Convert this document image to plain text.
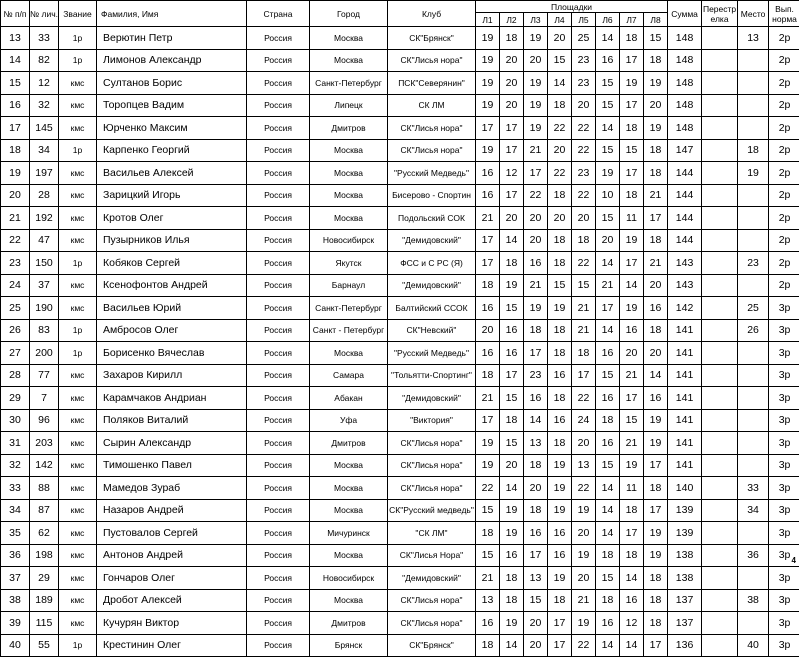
№ п/п	№ лич.	Звание	Фамилия, Имя	Страна	Город	Клуб	Площадки								Сумма	Перестрелка	Место	Вып. норма
							Л1	Л2	Л3	Л4	Л5	Л6	Л7	Л8				
13	33	1р	Верютин Петр	Россия	Москва	СК"Брянск"	19	18	19	20	25	14	18	15	148		13	2р
14	82	1р	Лимонов Александр	Россия	Москва	СК"Лисья нора"	19	20	20	15	23	16	17	18	148			2р
15	12	кмс	Султанов Борис	Россия	Санкт-Петербург	ПСК"Северянин"	19	20	19	14	23	15	19	19	148			2р
16	32	кмс	Торопцев Вадим	Россия	Липецк	СК ЛМ	19	20	19	18	20	15	17	20	148			2р
17	145	кмс	Юрченко Максим	Россия	Дмитров	СК"Лисья нора"	17	17	19	22	22	14	18	19	148			2р
18	34	1р	Карпенко Георгий	Россия	Москва	СК"Лисья нора"	19	17	21	20	22	15	15	18	147		18	2р
19	197	кмс	Васильев Алексей	Россия	Москва	"Русский Медведь"	16	12	17	22	23	19	17	18	144		19	2р
20	28	кмс	Зарицкий Игорь	Россия	Москва	Бисерово - Спортин	16	17	22	18	22	10	18	21	144			2р
21	192	кмс	Кротов Олег	Россия	Москва	Подольский СОК	21	20	20	20	20	15	11	17	144			2р
22	47	кмс	Пузырников Илья	Россия	Новосибирск	"Демидовский"	17	14	20	18	18	20	19	18	144			2р
23	150	1р	Кобяков Сергей	Россия	Якутск	ФСС и С РС (Я)	17	18	16	18	22	14	17	21	143		23	2р
24	37	кмс	Ксенофонтов Андрей	Россия	Барнаул	"Демидовский"	18	19	21	15	15	21	14	20	143			2р
25	190	кмс	Васильев Юрий	Россия	Санкт-Петербург	Балтийский ССОК	16	15	19	19	21	17	19	16	142		25	3р
26	83	1р	Амбросов Олег	Россия	Санкт - Петербург	СК"Невский"	20	16	18	18	21	14	16	18	141		26	3р
27	200	1р	Борисенко Вячеслав	Россия	Москва	"Русский Медведь"	16	16	17	18	18	16	20	20	141			3р
28	77	кмс	Захаров Кирилл	Россия	Самара	"Тольятти-Спортинг"	18	17	23	16	17	15	21	14	141			3р
29	7	кмс	Карамчаков Андриан	Россия	Абакан	"Демидовский"	21	15	16	18	22	16	17	16	141			3р
30	96	кмс	Поляков Виталий	Россия	Уфа	"Виктория"	17	18	14	16	24	18	15	19	141			3р
31	203	кмс	Сырин Александр	Россия	Дмитров	СК"Лисья нора"	19	15	13	18	20	16	21	19	141			3р
32	142	кмс	Тимошенко Павел	Россия	Москва	СК"Лисья нора"	19	20	18	19	13	15	19	17	141			3р
33	88	кмс	Мамедов Зураб	Россия	Москва	СК"Лисья нора"	22	14	20	19	22	14	11	18	140		33	3р
34	87	кмс	Назаров Андрей	Россия	Москва	СК"Русский медведь"	15	19	18	19	19	14	18	17	139		34	3р
35	62	кмс	Пустовалов Сергей	Россия	Мичуринск	"СК ЛМ"	18	19	16	16	20	14	17	19	139			3р
36	198	кмс	Антонов Андрей	Россия	Москва	СК"Лисья Нора"	15	16	17	16	19	18	18	19	138		36	3р
37	29	кмс	Гончаров Олег	Россия	Новосибирск	"Демидовский"	21	18	13	19	20	15	14	18	138			3р
38	189	кмс	Дробот Алексей	Россия	Москва	СК"Лисья нора"	13	18	15	18	21	18	16	18	137		38	3р
39	115	кмс	Кучурян Виктор	Россия	Дмитров	СК"Лисья нора"	16	19	20	17	19	16	12	18	137			3р
40	55	1р	Крестинин Олег	Россия	Брянск	СК"Брянск"	18	14	20	17	22	14	14	17	136		40	3р
4
